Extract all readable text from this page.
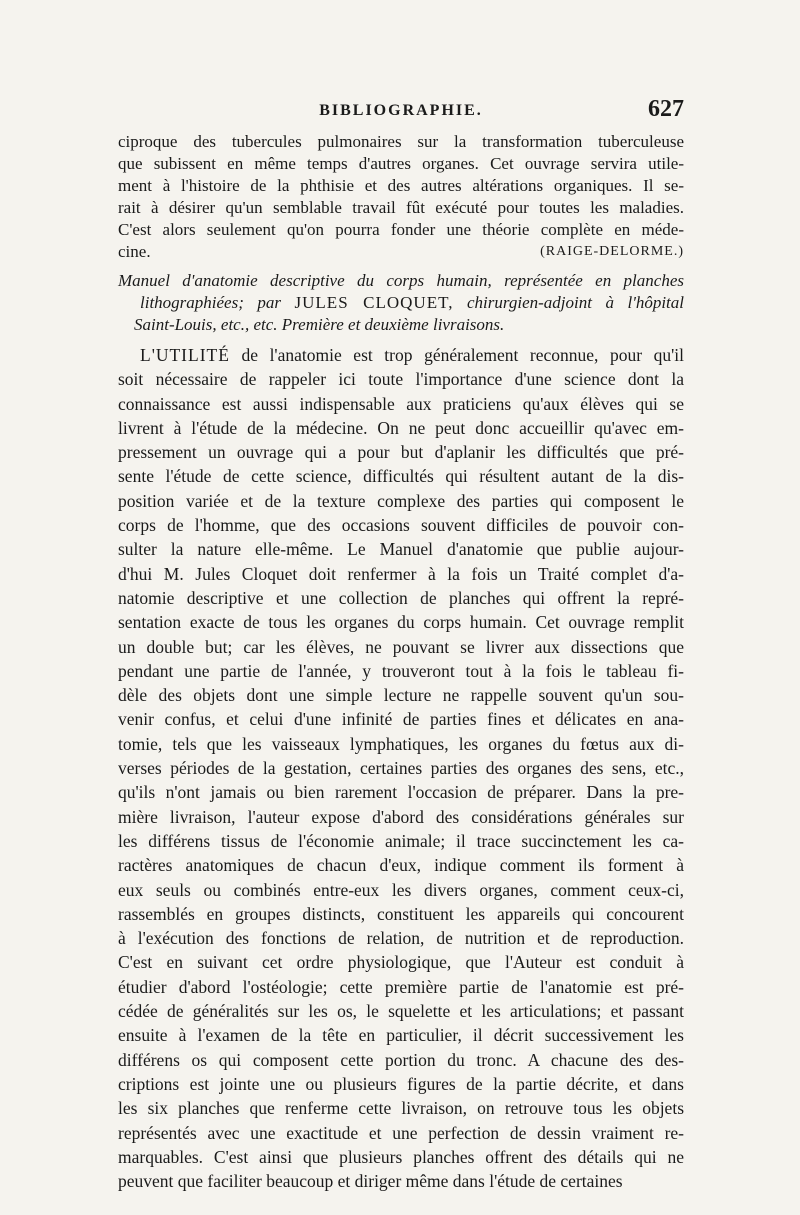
BIBLIOGRAPHIE.	627
ciproque des tubercules pulmonaires sur la transformation tuberculeuse
que subissent en même temps d'autres organes. Cet ouvrage servira utile-
ment à l'histoire de la phthisie et des autres altérations organiques. Il se-
rait à désirer qu'un semblable travail fût exécuté pour toutes les maladies.
C'est alors seulement qu'on pourra fonder une théorie complète en méde-
cine.	(RAIGE-DELORME.)
Manuel d'anatomie descriptive du corps humain, représentée en planches
lithographiées; par JULES CLOQUET, chirurgien-adjoint à l'hôpital
Saint-Louis, etc., etc. Première et deuxième livraisons.
L'UTILITÉ de l'anatomie est trop généralement reconnue, pour qu'il
soit nécessaire de rappeler ici toute l'importance d'une science dont la
connaissance est aussi indispensable aux praticiens qu'aux élèves qui se
livrent à l'étude de la médecine. On ne peut donc accueillir qu'avec em-
pressement un ouvrage qui a pour but d'aplanir les difficultés que pré-
sente l'étude de cette science, difficultés qui résultent autant de la dis-
position variée et de la texture complexe des parties qui composent le
corps de l'homme, que des occasions souvent difficiles de pouvoir con-
sulter la nature elle-même. Le Manuel d'anatomie que publie aujour-
d'hui M. Jules Cloquet doit renfermer à la fois un Traité complet d'a-
natomie descriptive et une collection de planches qui offrent la repré-
sentation exacte de tous les organes du corps humain. Cet ouvrage remplit
un double but; car les élèves, ne pouvant se livrer aux dissections que
pendant une partie de l'année, y trouveront tout à la fois le tableau fi-
dèle des objets dont une simple lecture ne rappelle souvent qu'un sou-
venir confus, et celui d'une infinité de parties fines et délicates en ana-
tomie, tels que les vaisseaux lymphatiques, les organes du fœtus aux di-
verses périodes de la gestation, certaines parties des organes des sens, etc.,
qu'ils n'ont jamais ou bien rarement l'occasion de préparer. Dans la pre-
mière livraison, l'auteur expose d'abord des considérations générales sur
les différens tissus de l'économie animale; il trace succinctement les ca-
ractères anatomiques de chacun d'eux, indique comment ils forment à
eux seuls ou combinés entre-eux les divers organes, comment ceux-ci,
rassemblés en groupes distincts, constituent les appareils qui concourent
à l'exécution des fonctions de relation, de nutrition et de reproduction.
C'est en suivant cet ordre physiologique, que l'Auteur est conduit à
étudier d'abord l'ostéologie; cette première partie de l'anatomie est pré-
cédée de généralités sur les os, le squelette et les articulations; et passant
ensuite à l'examen de la tête en particulier, il décrit successivement les
différens os qui composent cette portion du tronc. A chacune des des-
criptions est jointe une ou plusieurs figures de la partie décrite, et dans
les six planches que renferme cette livraison, on retrouve tous les objets
représentés avec une exactitude et une perfection de dessin vraiment re-
marquables. C'est ainsi que plusieurs planches offrent des détails qui ne
peuvent que faciliter beaucoup et diriger même dans l'étude de certaines
